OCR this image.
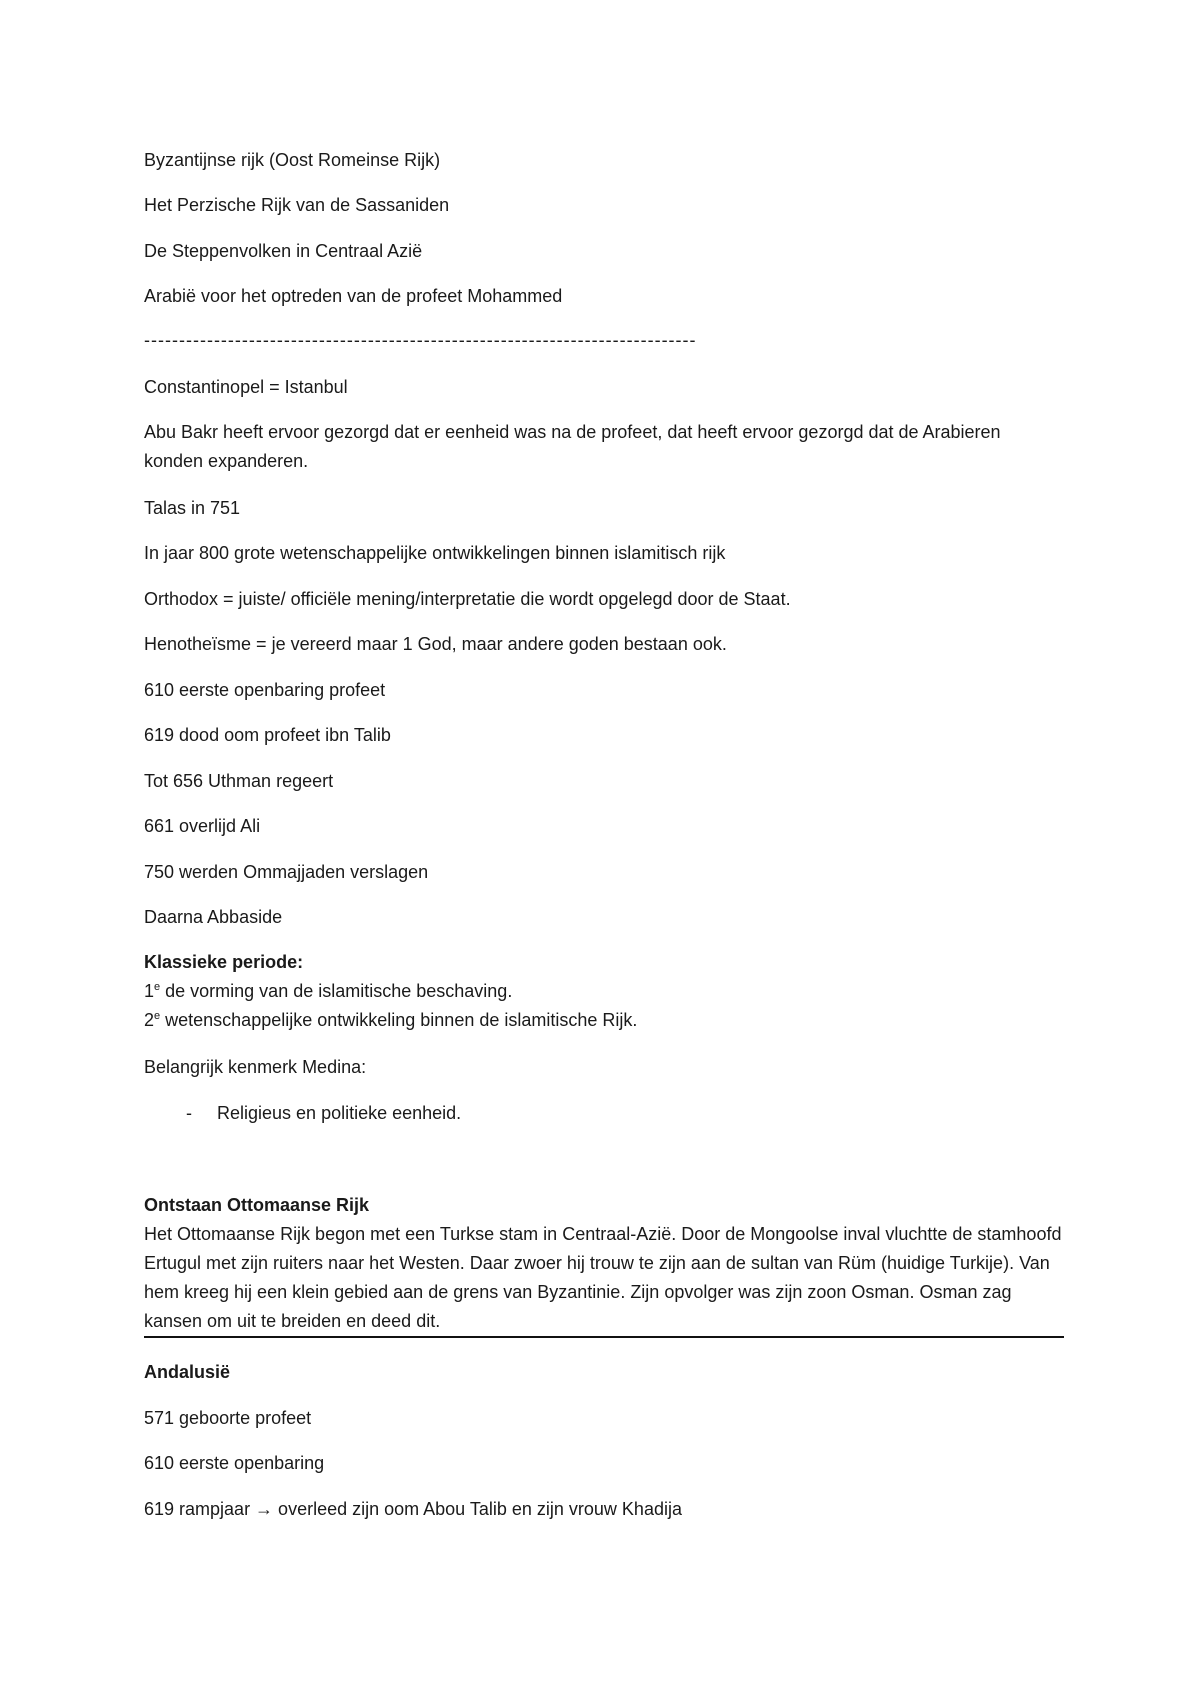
Byzantijnse rijk (Oost Romeinse Rijk)

Het Perzische Rijk van de Sassaniden

De Steppenvolken in Centraal Azië

Arabië voor het optreden van de profeet Mohammed

-------------------------------------------------------------------------------

Constantinopel = Istanbul

Abu Bakr heeft ervoor gezorgd dat er eenheid was na de profeet, dat heeft ervoor gezorgd dat de Arabieren konden expanderen.

Talas in 751

In jaar 800 grote wetenschappelijke ontwikkelingen binnen islamitisch rijk

Orthodox = juiste/ officiële mening/interpretatie die wordt opgelegd door de Staat.

Henotheïsme = je vereerd maar 1 God, maar andere goden bestaan ook.

610 eerste openbaring profeet

619 dood oom profeet ibn Talib

Tot 656 Uthman regeert

661 overlijd Ali

750 werden Ommajjaden verslagen

Daarna Abbaside

Klassieke periode:

1e de vorming van de islamitische beschaving.

2e wetenschappelijke ontwikkeling binnen de islamitische Rijk.

Belangrijk kenmerk Medina:

- Religieus en politieke eenheid.

Ontstaan Ottomaanse Rijk

Het Ottomaanse Rijk begon met een Turkse stam in Centraal-Azië. Door de Mongoolse inval vluchtte de stamhoofd Ertugul met zijn ruiters naar het Westen. Daar zwoer hij trouw te zijn aan de sultan van Rüm (huidige Turkije). Van hem kreeg hij een klein gebied aan de grens van Byzantinie. Zijn opvolger was zijn zoon Osman. Osman zag kansen om uit te breiden en deed dit.

Andalusië

571 geboorte profeet

610 eerste openbaring

619 rampjaar → overleed zijn oom Abou Talib en zijn vrouw Khadija
